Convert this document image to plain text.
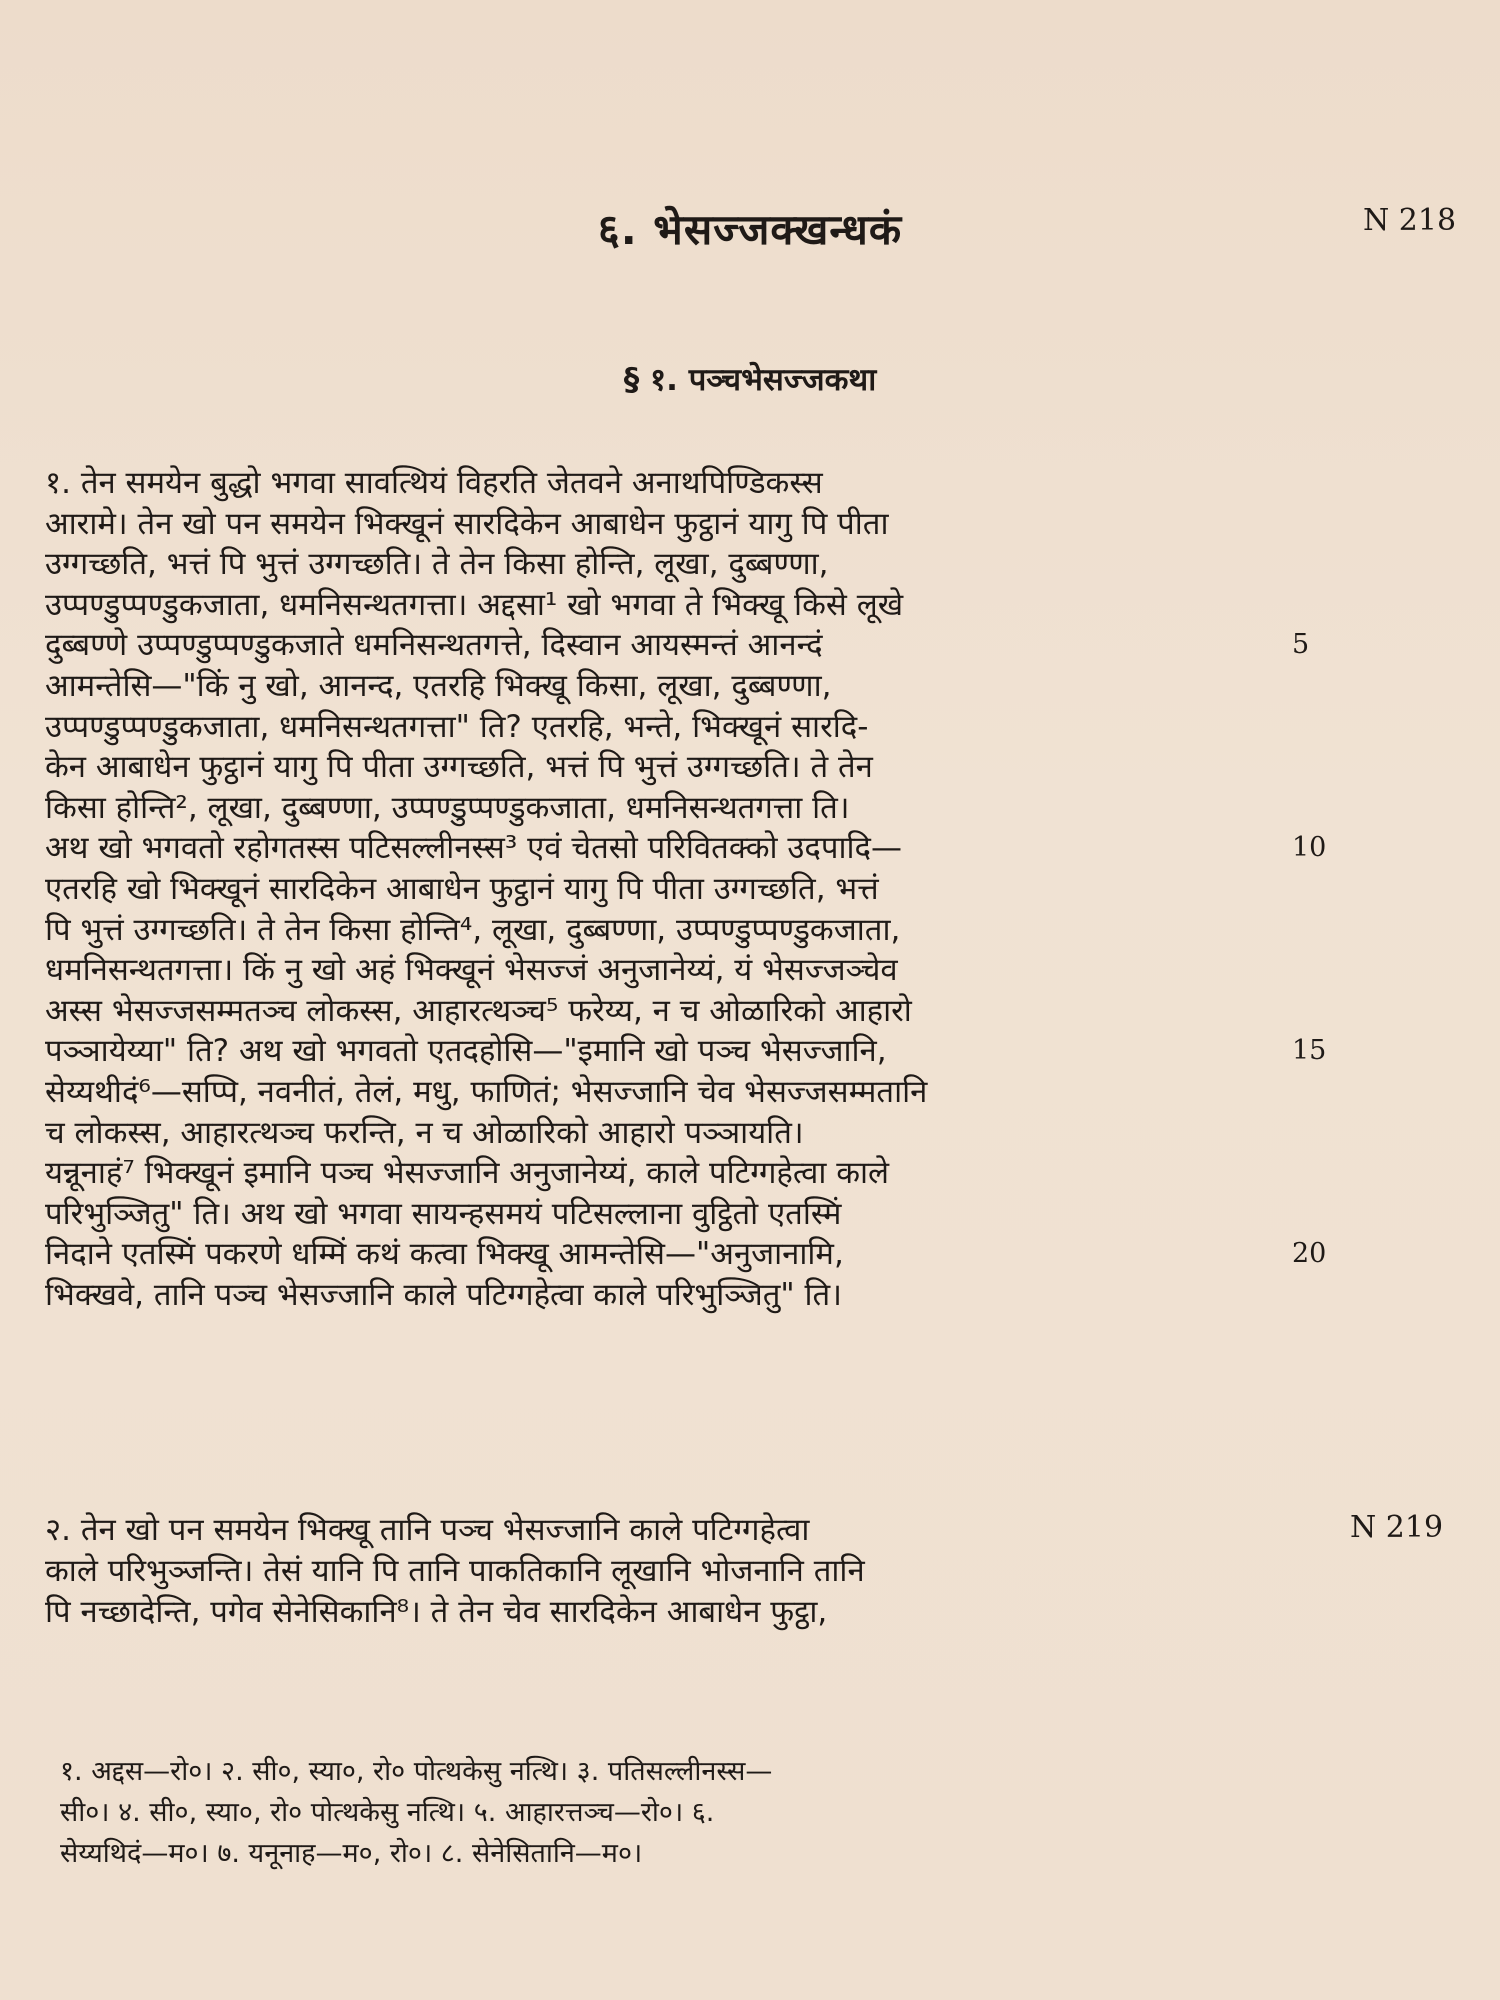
६. भेसज्जक्खन्धकं	N 218
§ १. पञ्चभेसज्जकथा
१. तेन समयेन बुद्धो भगवा सावत्थियं विहरति जेतवने अनाथपिण्डिकस्स
आरामे। तेन खो पन समयेन भिक्खूनं सारदिकेन आबाधेन फुट्ठानं यागु पि पीता
उग्गच्छति, भत्तं पि भुत्तं उग्गच्छति। ते तेन किसा होन्ति, लूखा, दुब्बण्णा,
उप्पण्डुप्पण्डुकजाता, धमनिसन्थतगत्ता। अद्दसा¹ खो भगवा ते भिक्खू किसे लूखे
दुब्बण्णे उप्पण्डुप्पण्डुकजाते धमनिसन्थतगत्ते, दिस्वान आयस्मन्तं आनन्दं	5
आमन्तेसि—"किं नु खो, आनन्द, एतरहि भिक्खू किसा, लूखा, दुब्बण्णा,
उप्पण्डुप्पण्डुकजाता, धमनिसन्थतगत्ता" ति? एतरहि, भन्ते, भिक्खूनं सारदि-
केन आबाधेन फुट्ठानं यागु पि पीता उग्गच्छति, भत्तं पि भुत्तं उग्गच्छति। ते तेन
किसा होन्ति², लूखा, दुब्बण्णा, उप्पण्डुप्पण्डुकजाता, धमनिसन्थतगत्ता ति।
अथ खो भगवतो रहोगतस्स पटिसल्लीनस्स³ एवं चेतसो परिवितक्को उदपादि—	10
एतरहि खो भिक्खूनं सारदिकेन आबाधेन फुट्ठानं यागु पि पीता उग्गच्छति, भत्तं
पि भुत्तं उग्गच्छति। ते तेन किसा होन्ति⁴, लूखा, दुब्बण्णा, उप्पण्डुप्पण्डुकजाता,
धमनिसन्थतगत्ता। किं नु खो अहं भिक्खूनं भेसज्जं अनुजानेय्यं, यं भेसज्जञ्चेव
अस्स भेसज्जसम्मतञ्च लोकस्स, आहारत्थञ्च⁵ फरेय्य, न च ओळारिको आहारो
पञ्ञायेय्या" ति? अथ खो भगवतो एतदहोसि—"इमानि खो पञ्च भेसज्जानि,	15
सेय्यथीदं⁶—सप्पि, नवनीतं, तेलं, मधु, फाणितं; भेसज्जानि चेव भेसज्जसम्मतानि
च लोकस्स, आहारत्थञ्च फरन्ति, न च ओळारिको आहारो पञ्ञायति।
यन्नूनाहं⁷ भिक्खूनं इमानि पञ्च भेसज्जानि अनुजानेय्यं, काले पटिग्गहेत्वा काले
परिभुञ्जितु" ति। अथ खो भगवा सायन्हसमयं पटिसल्लाना वुट्ठितो एतस्मिं
निदाने एतस्मिं पकरणे धम्मिं कथं कत्वा भिक्खू आमन्तेसि—"अनुजानामि,	20
भिक्खवे, तानि पञ्च भेसज्जानि काले पटिग्गहेत्वा काले परिभुञ्जितु" ति।
N 219
२. तेन खो पन समयेन भिक्खू तानि पञ्च भेसज्जानि काले पटिग्गहेत्वा
काले परिभुञ्जन्ति। तेसं यानि पि तानि पाकतिकानि लूखानि भोजनानि तानि
पि नच्छादेन्ति, पगेव सेनेसिकानि⁸। ते तेन चेव सारदिकेन आबाधेन फुट्ठा,
१. अद्दस—रो०। २. सी०, स्या०, रो० पोत्थकेसु नत्थि। ३. पतिसल्लीनस्स—
सी०। ४. सी०, स्या०, रो० पोत्थकेसु नत्थि। ५. आहारत्तञ्च—रो०। ६.
सेय्यथिदं—म०। ७. यनूनाह—म०, रो०। ८. सेनेसितानि—म०।
